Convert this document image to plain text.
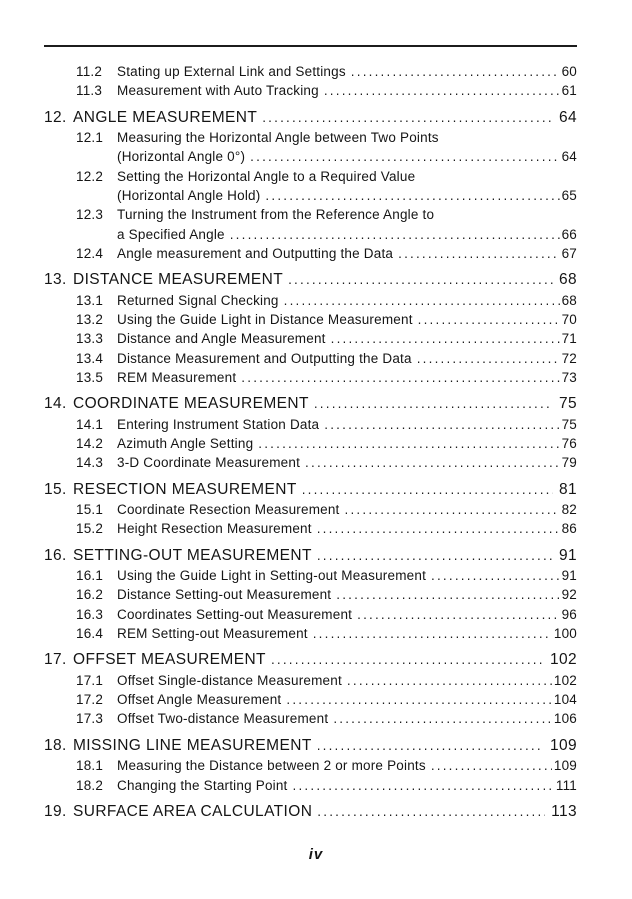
11.2	Stating up External Link and Settings .....	60
11.3	Measurement with Auto Tracking .....	61
12. ANGLE MEASUREMENT .....	64
12.1	Measuring the Horizontal Angle between Two Points
(Horizontal Angle 0°) .....	64
12.2	Setting the Horizontal Angle to a Required Value
(Horizontal Angle Hold) .....	65
12.3	Turning the Instrument from the Reference Angle to
a Specified Angle .....	66
12.4	Angle measurement and Outputting the Data .....	67
13. DISTANCE MEASUREMENT .....	68
13.1	Returned Signal Checking .....	68
13.2	Using the Guide Light in Distance Measurement .....	70
13.3	Distance and Angle Measurement .....	71
13.4	Distance Measurement and Outputting the Data .....	72
13.5	REM Measurement .....	73
14. COORDINATE MEASUREMENT .....	75
14.1	Entering Instrument Station Data .....	75
14.2	Azimuth Angle Setting .....	76
14.3	3-D Coordinate Measurement .....	79
15. RESECTION MEASUREMENT .....	81
15.1	Coordinate Resection Measurement .....	82
15.2	Height Resection Measurement .....	86
16. SETTING-OUT MEASUREMENT .....	91
16.1	Using the Guide Light in Setting-out Measurement .....	91
16.2	Distance Setting-out Measurement .....	92
16.3	Coordinates Setting-out Measurement .....	96
16.4	REM Setting-out Measurement .....	100
17. OFFSET MEASUREMENT .....	102
17.1	Offset Single-distance Measurement .....	102
17.2	Offset Angle Measurement .....	104
17.3	Offset Two-distance Measurement .....	106
18. MISSING LINE MEASUREMENT .....	109
18.1	Measuring the Distance between 2 or more Points .....	109
18.2	Changing the Starting Point .....	111
19. SURFACE AREA CALCULATION .....	113
iv
